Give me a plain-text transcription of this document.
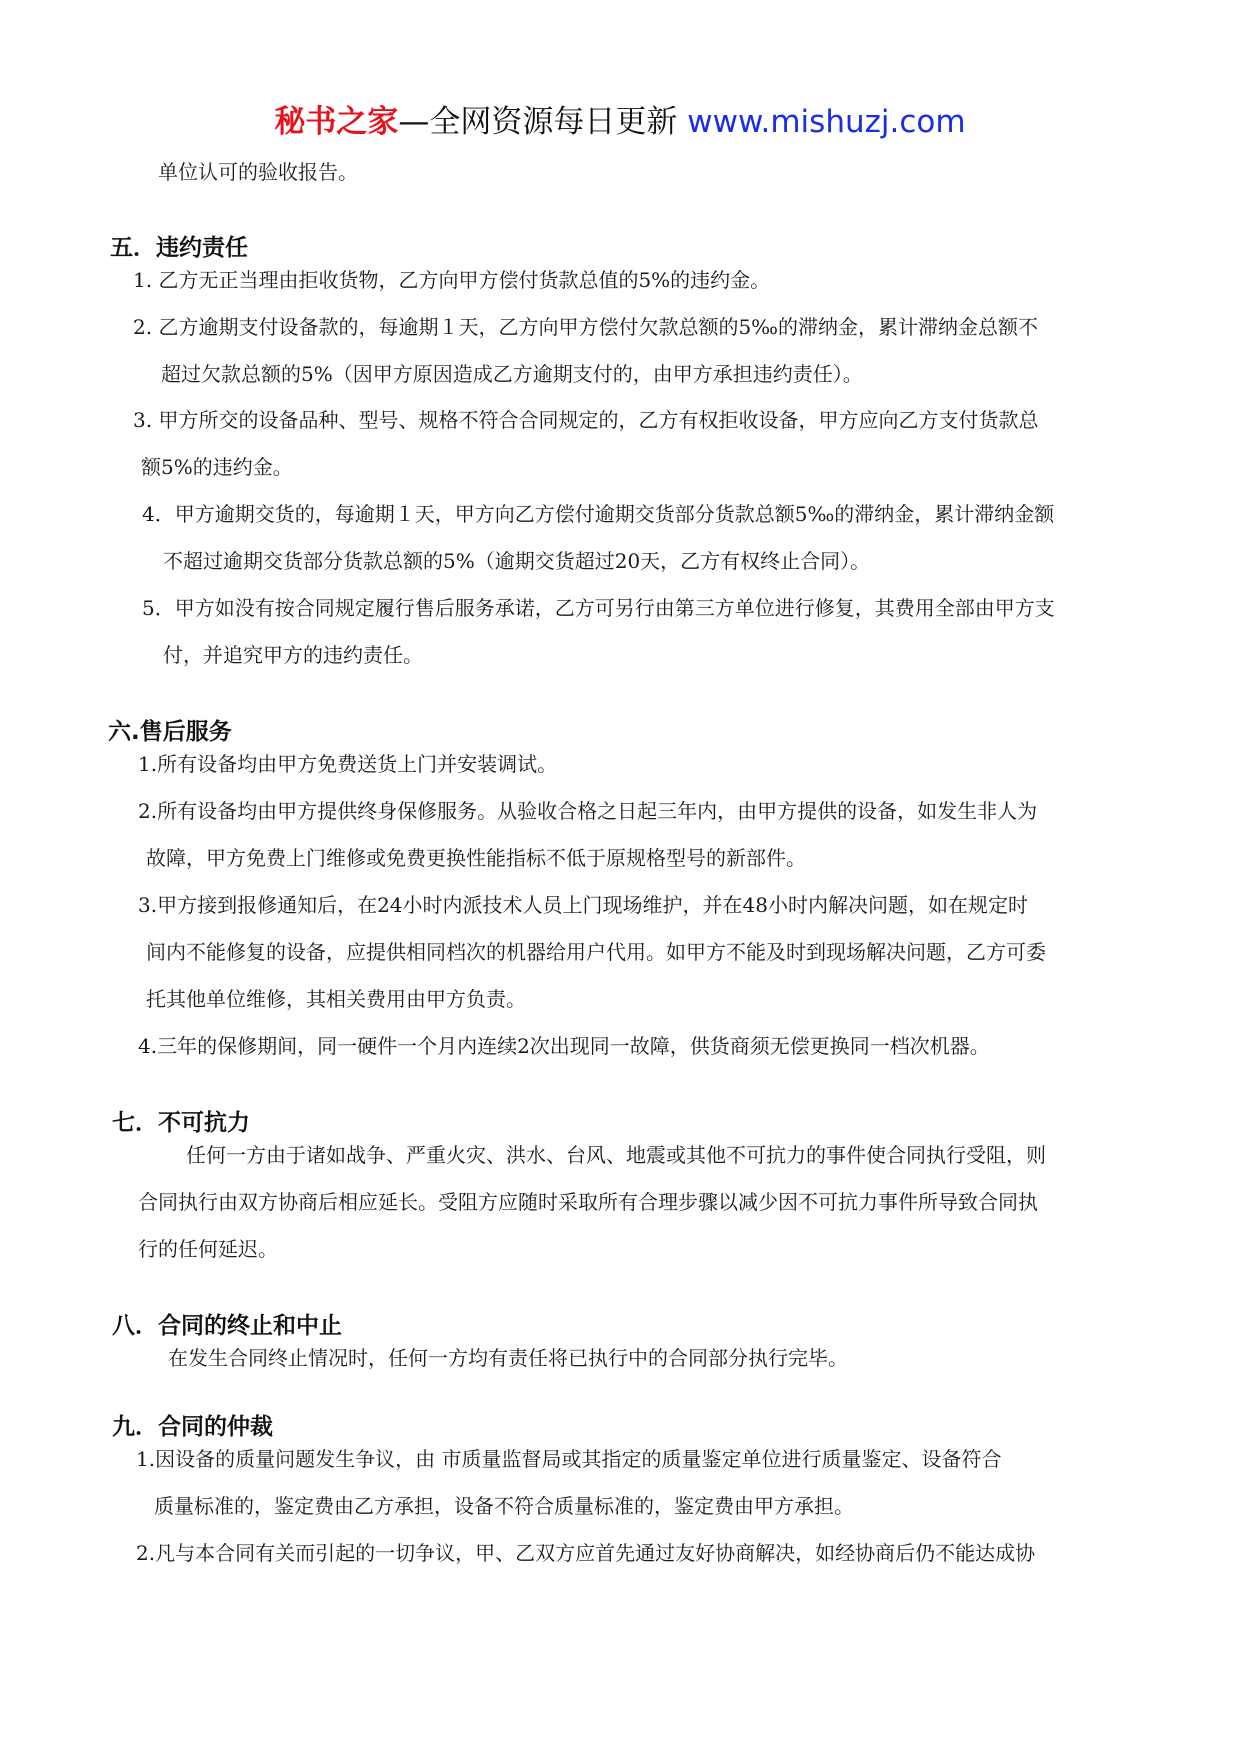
秘书之家—全网资源每日更新 www.mishuzj.com
单位认可的验收报告。
五．违约责任
1. 乙方无正当理由拒收货物，乙方向甲方偿付货款总值的5%的违约金。
2. 乙方逾期支付设备款的，每逾期１天，乙方向甲方偿付欠款总额的5‰的滞纳金，累计滞纳金总额不
超过欠款总额的5%（因甲方原因造成乙方逾期支付的，由甲方承担违约责任）。
3. 甲方所交的设备品种、型号、规格不符合合同规定的，乙方有权拒收设备，甲方应向乙方支付货款总
额5%的违约金。
4．甲方逾期交货的，每逾期１天，甲方向乙方偿付逾期交货部分货款总额5‰的滞纳金，累计滞纳金额
不超过逾期交货部分货款总额的5%（逾期交货超过20天，乙方有权终止合同）。
5．甲方如没有按合同规定履行售后服务承诺，乙方可另行由第三方单位进行修复，其费用全部由甲方支
付，并追究甲方的违约责任。
六.售后服务
1.所有设备均由甲方免费送货上门并安装调试。
2.所有设备均由甲方提供终身保修服务。从验收合格之日起三年内，由甲方提供的设备，如发生非人为
故障，甲方免费上门维修或免费更换性能指标不低于原规格型号的新部件。
3.甲方接到报修通知后，在24小时内派技术人员上门现场维护，并在48小时内解决问题，如在规定时
间内不能修复的设备，应提供相同档次的机器给用户代用。如甲方不能及时到现场解决问题，乙方可委
托其他单位维修，其相关费用由甲方负责。
4.三年的保修期间，同一硬件一个月内连续2次出现同一故障，供货商须无偿更换同一档次机器。
七．不可抗力
任何一方由于诸如战争、严重火灾、洪水、台风、地震或其他不可抗力的事件使合同执行受阻，则
合同执行由双方协商后相应延长。受阻方应随时采取所有合理步骤以减少因不可抗力事件所导致合同执
行的任何延迟。
八．合同的终止和中止
在发生合同终止情况时，任何一方均有责任将已执行中的合同部分执行完毕。
九．合同的仲裁
1.因设备的质量问题发生争议，由 市质量监督局或其指定的质量鉴定单位进行质量鉴定、设备符合
质量标准的，鉴定费由乙方承担，设备不符合质量标准的，鉴定费由甲方承担。
2.凡与本合同有关而引起的一切争议，甲、乙双方应首先通过友好协商解决，如经协商后仍不能达成协
